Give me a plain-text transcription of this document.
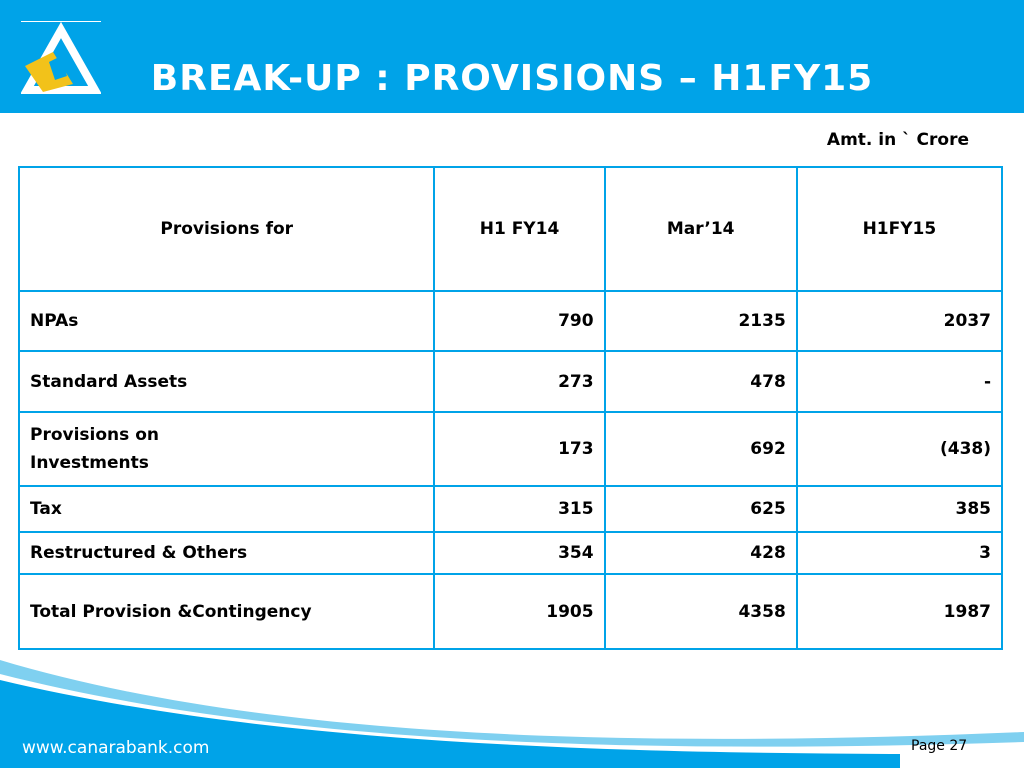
BREAK-UP : PROVISIONS – H1FY15
Amt. in ` Crore
Provisions for	H1 FY14	Mar’14	H1FY15
NPAs	790	2135	2037
Standard Assets	273	478	-
Provisions on Investments	173	692	(438)
Tax	315	625	385
Restructured & Others	354	428	3
Total Provision &Contingency	1905	4358	1987
www.canarabank.com	Page 27
